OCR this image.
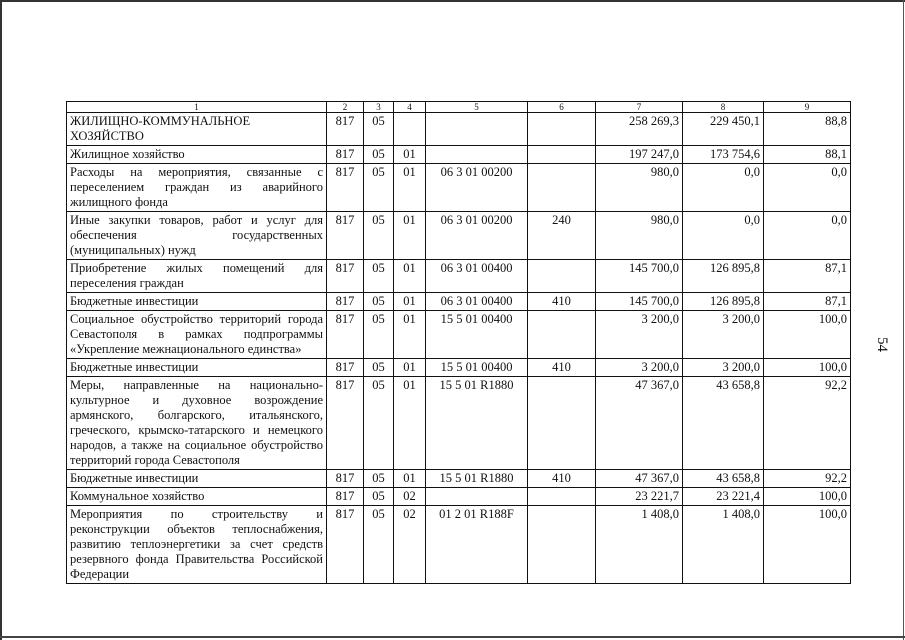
1	2	3	4	5	6	7	8	9
ЖИЛИЩНО-КОММУНАЛЬНОЕ ХОЗЯЙСТВО	817	05				258 269,3	229 450,1	88,8
Жилищное хозяйство	817	05	01			197 247,0	173 754,6	88,1
Расходы на мероприятия, связанные с переселением граждан из аварийного жилищного фонда	817	05	01	06 3 01 00200		980,0	0,0	0,0
Иные закупки товаров, работ и услуг для обеспечения государственных (муниципальных) нужд	817	05	01	06 3 01 00200	240	980,0	0,0	0,0
Приобретение жилых помещений для переселения граждан	817	05	01	06 3 01 00400		145 700,0	126 895,8	87,1
Бюджетные инвестиции	817	05	01	06 3 01 00400	410	145 700,0	126 895,8	87,1
Социальное обустройство территорий города Севастополя в рамках подпрограммы «Укрепление межнационального единства»	817	05	01	15 5 01 00400		3 200,0	3 200,0	100,0
Бюджетные инвестиции	817	05	01	15 5 01 00400	410	3 200,0	3 200,0	100,0
Меры, направленные на национально-культурное и духовное возрождение армянского, болгарского, итальянского, греческого, крымско-татарского и немецкого народов, а также на социальное обустройство территорий города Севастополя	817	05	01	15 5 01 R1880		47 367,0	43 658,8	92,2
Бюджетные инвестиции	817	05	01	15 5 01 R1880	410	47 367,0	43 658,8	92,2
Коммунальное хозяйство	817	05	02			23 221,7	23 221,4	100,0
Мероприятия по строительству и реконструкции объектов теплоснабжения, развитию теплоэнергетики за счет средств резервного фонда Правительства Российской Федерации	817	05	02	01 2 01 R188F		1 408,0	1 408,0	100,0
54
